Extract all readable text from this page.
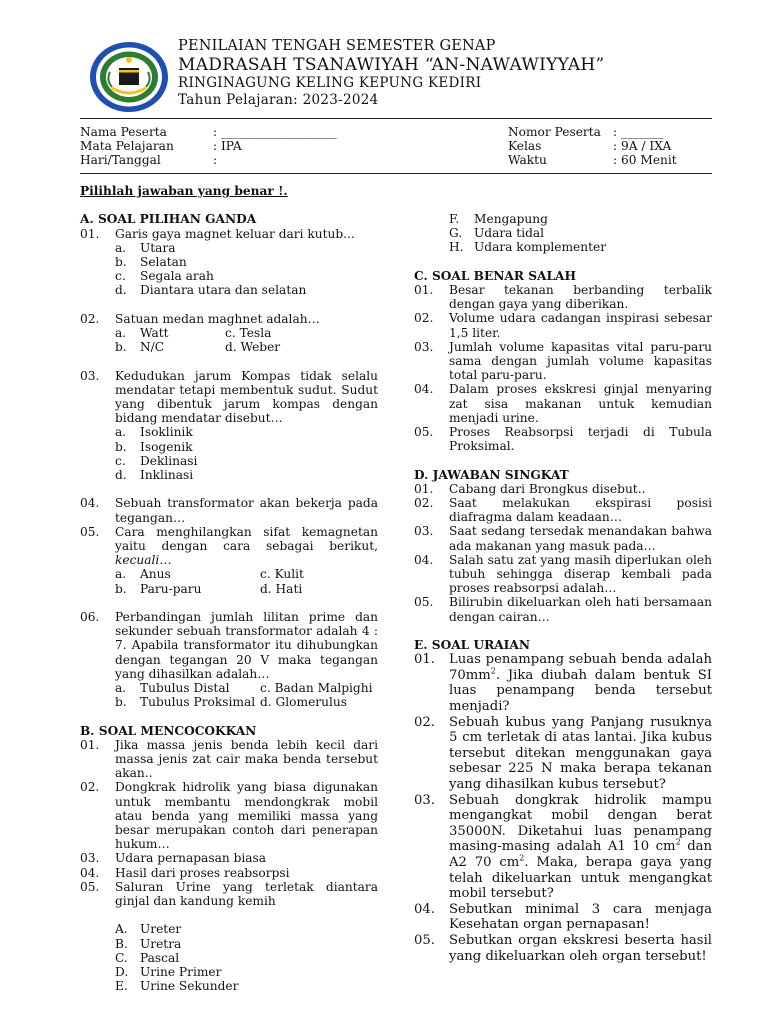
PENILAIAN TENGAH SEMESTER GENAP
MADRASAH TSANAWIYAH “AN-NAWAWIYYAH”
RINGINAGUNG KELING KEPUNG KEDIRI
Tahun Pelajaran: 2023-2024
Nama Peserta	: ___________________
Mata Pelajaran	: IPA
Hari/Tanggal	:
Nomor Peserta : _______
Kelas	: 9A / IXA
Waktu	: 60 Menit
Pilihlah jawaban yang benar !.
A. SOAL PILIHAN GANDA
01.	Garis gaya magnet keluar dari kutub...
a.	Utara
b.	Selatan
c.	Segala arah
d.	Diantara utara dan selatan
02.	Satuan medan maghnet adalah…
a.	Watt	c. Tesla
b.	N/C	d. Weber
03.	Kedudukan jarum Kompas tidak selalu mendatar tetapi membentuk sudut. Sudut yang dibentuk jarum kompas dengan bidang mendatar disebut…
a.	Isoklinik
b.	Isogenik
c.	Deklinasi
d.	Inklinasi
04.	Sebuah transformator akan bekerja pada tegangan…
05.	Cara menghilangkan sifat kemagnetan yaitu dengan cara sebagai berikut, kecuali…
a.	Anus	c. Kulit
b.	Paru-paru	d. Hati
06.	Perbandingan jumlah lilitan prime dan sekunder sebuah transformator adalah 4 : 7. Apabila transformator itu dihubungkan dengan tegangan 20 V maka tegangan yang dihasilkan adalah…
a.	Tubulus Distal	c. Badan Malpighi
b.	Tubulus Proksimal d. Glomerulus
B. SOAL MENCOCOKKAN
01.	Jika massa jenis benda lebih kecil dari massa jenis zat cair maka benda tersebut akan..
02.	Dongkrak hidrolik yang biasa digunakan untuk membantu mendongkrak mobil atau benda yang memiliki massa yang besar merupakan contoh dari penerapan hukum…
03.	Udara pernapasan biasa
04.	Hasil dari proses reabsorpsi
05.	Saluran Urine yang terletak diantara ginjal dan kandung kemih
A.	Ureter
B. Uretra
C.	Pascal
D. Urine Primer
E.	Urine Sekunder
F.	Mengapung
G. Udara tidal
H. Udara komplementer
C. SOAL BENAR SALAH
01.	Besar tekanan berbanding terbalik dengan gaya yang diberikan.
02.	Volume udara cadangan inspirasi sebesar 1,5 liter.
03.	Jumlah volume kapasitas vital paru-paru sama dengan jumlah volume kapasitas total paru-paru.
04.	Dalam proses ekskresi ginjal menyaring zat sisa makanan untuk kemudian menjadi urine.
05.	Proses Reabsorpsi terjadi di Tubula Proksimal.
D. JAWABAN SINGKAT
01.	Cabang dari Brongkus disebut..
02.	Saat melakukan ekspirasi posisi diafragma dalam keadaan…
03.	Saat sedang tersedak menandakan bahwa ada makanan yang masuk pada…
04.	Salah satu zat yang masih diperlukan oleh tubuh sehingga diserap kembali pada proses reabsorpsi adalah…
05.	Bilirubin dikeluarkan oleh hati bersamaan dengan cairan…
E. SOAL URAIAN
01.	Luas penampang sebuah benda adalah $70mm^2$. Jika diubah dalam bentuk SI luas penampang benda tersebut menjadi?
02.	Sebuah kubus yang Panjang rusuknya 5 cm terletak di atas lantai. Jika kubus tersebut ditekan menggunakan gaya sebesar 225 N maka berapa tekanan yang dihasilkan kubus tersebut?
03.	Sebuah dongkrak hidrolik mampu mengangkat mobil dengan berat 35000N. Diketahui luas penampang masing-masing adalah A1 10 $cm^2$ dan A2 70 $cm^2$. Maka, berapa gaya yang telah dikeluarkan untuk mengangkat mobil tersebut?
04.	Sebutkan minimal 3 cara menjaga Kesehatan organ pernapasan!
05.	Sebutkan organ ekskresi beserta hasil yang dikeluarkan oleh organ tersebut!
